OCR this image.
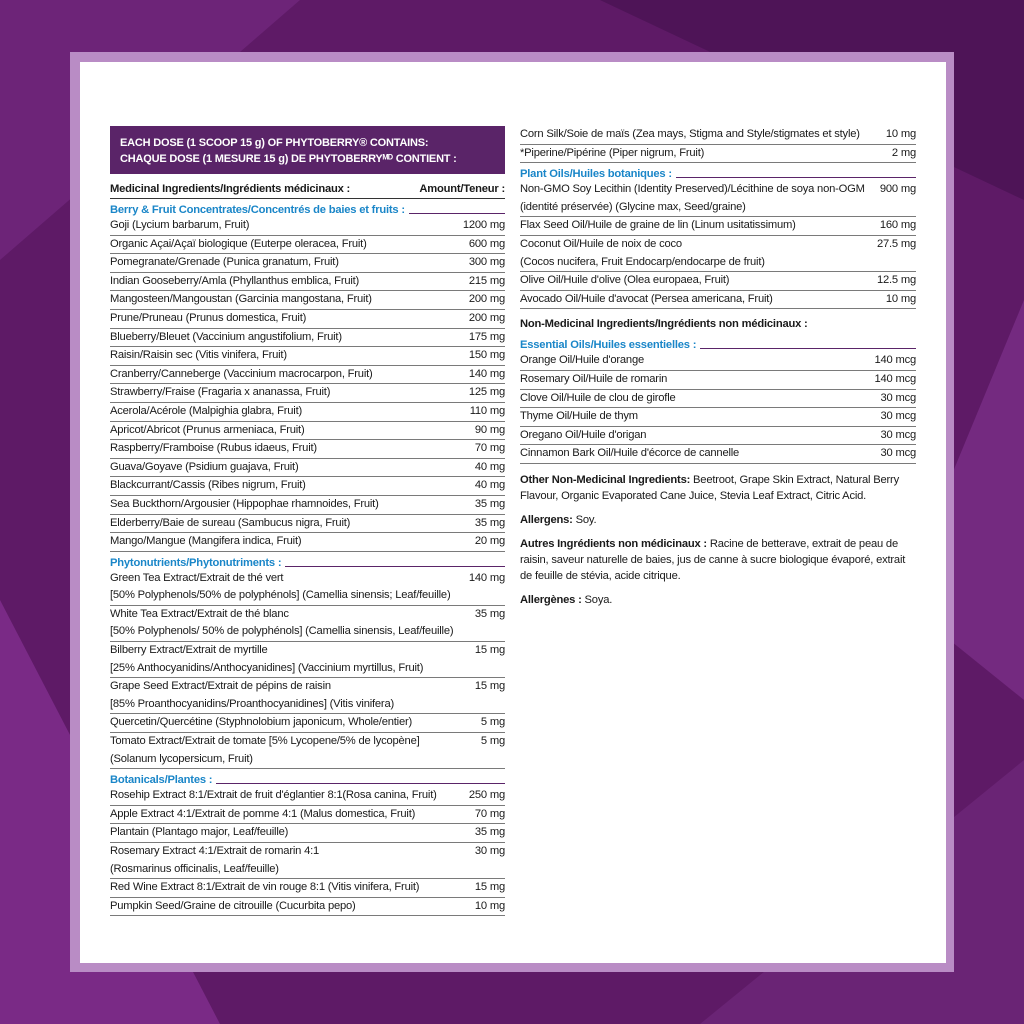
EACH DOSE (1 SCOOP 15 g) OF PHYTOBERRY® CONTAINS:
CHAQUE DOSE (1 MESURE 15 g) DE PHYTOBERRYᴹᴰ CONTIENT :
Medicinal Ingredients/Ingrédients médicinaux :	Amount/Teneur :
Berry & Fruit Concentrates/Concentrés de baies et fruits :
Goji (Lycium barbarum, Fruit)	1200 mg
Organic Açai/Açaï biologique (Euterpe oleracea, Fruit)	600 mg
Pomegranate/Grenade (Punica granatum, Fruit)	300 mg
Indian Gooseberry/Amla (Phyllanthus emblica, Fruit)	215 mg
Mangosteen/Mangoustan (Garcinia mangostana, Fruit)	200 mg
Prune/Pruneau (Prunus domestica, Fruit)	200 mg
Blueberry/Bleuet (Vaccinium angustifolium, Fruit)	175 mg
Raisin/Raisin sec (Vitis vinifera, Fruit)	150 mg
Cranberry/Canneberge (Vaccinium macrocarpon, Fruit)	140 mg
Strawberry/Fraise (Fragaria x ananassa, Fruit)	125 mg
Acerola/Acérole (Malpighia glabra, Fruit)	110 mg
Apricot/Abricot (Prunus armeniaca, Fruit)	90 mg
Raspberry/Framboise (Rubus idaeus, Fruit)	70 mg
Guava/Goyave (Psidium guajava, Fruit)	40 mg
Blackcurrant/Cassis (Ribes nigrum, Fruit)	40 mg
Sea Buckthorn/Argousier (Hippophae rhamnoides, Fruit)	35 mg
Elderberry/Baie de sureau (Sambucus nigra, Fruit)	35 mg
Mango/Mangue (Mangifera indica, Fruit)	20 mg
Phytonutrients/Phytonutriments :
Green Tea Extract/Extrait de thé vert
[50% Polyphenols/50% de polyphénols] (Camellia sinensis; Leaf/feuille)
140 mg
White Tea Extract/Extrait de thé blanc
[50% Polyphenols/ 50% de polyphénols] (Camellia sinensis, Leaf/feuille)
35 mg
Bilberry Extract/Extrait de myrtille
[25% Anthocyanidins/Anthocyanidines] (Vaccinium myrtillus, Fruit)
15 mg
Grape Seed Extract/Extrait de pépins de raisin
[85% Proanthocyanidins/Proanthocyanidines] (Vitis vinifera)
15 mg
Quercetin/Quercétine (Styphnolobium japonicum, Whole/entier)	5 mg
Tomato Extract/Extrait de tomate [5% Lycopene/5% de lycopène]
(Solanum lycopersicum, Fruit)
5 mg
Botanicals/Plantes :
Rosehip Extract 8:1/Extrait de fruit d'églantier 8:1(Rosa canina, Fruit)	250 mg
Apple Extract 4:1/Extrait de pomme 4:1 (Malus domestica, Fruit)	70 mg
Plantain (Plantago major, Leaf/feuille)	35 mg
Rosemary Extract 4:1/Extrait de romarin 4:1
(Rosmarinus officinalis, Leaf/feuille)
30 mg
Red Wine Extract 8:1/Extrait de vin rouge 8:1 (Vitis vinifera, Fruit)	15 mg
Pumpkin Seed/Graine de citrouille (Cucurbita pepo)	10 mg
Corn Silk/Soie de maïs (Zea mays, Stigma and Style/stigmates et style)	10 mg
*Piperine/Pipérine (Piper nigrum, Fruit)	2 mg
Plant Oils/Huiles botaniques :
Non-GMO Soy Lecithin (Identity Preserved)/Lécithine de soya non-OGM
(identité préservée) (Glycine max, Seed/graine)
900 mg
Flax Seed Oil/Huile de graine de lin (Linum usitatissimum)	160 mg
Coconut Oil/Huile de noix de coco
(Cocos nucifera, Fruit Endocarp/endocarpe de fruit)
27.5 mg
Olive Oil/Huile d'olive (Olea europaea, Fruit)	12.5 mg
Avocado Oil/Huile d'avocat (Persea americana, Fruit)	10 mg
Non-Medicinal Ingredients/Ingrédients non médicinaux :
Essential Oils/Huiles essentielles :
Orange Oil/Huile d'orange	140 mcg
Rosemary Oil/Huile de romarin	140 mcg
Clove Oil/Huile de clou de girofle	30 mcg
Thyme Oil/Huile de thym	30 mcg
Oregano Oil/Huile d'origan	30 mcg
Cinnamon Bark Oil/Huile d'écorce de cannelle	30 mcg
Other Non-Medicinal Ingredients: Beetroot, Grape Skin Extract, Natural Berry Flavour, Organic Evaporated Cane Juice, Stevia Leaf Extract, Citric Acid.
Allergens: Soy.
Autres Ingrédients non médicinaux : Racine de betterave, extrait de peau de raisin, saveur naturelle de baies, jus de canne à sucre biologique évaporé, extrait de feuille de stévia, acide citrique.
Allergènes : Soya.
